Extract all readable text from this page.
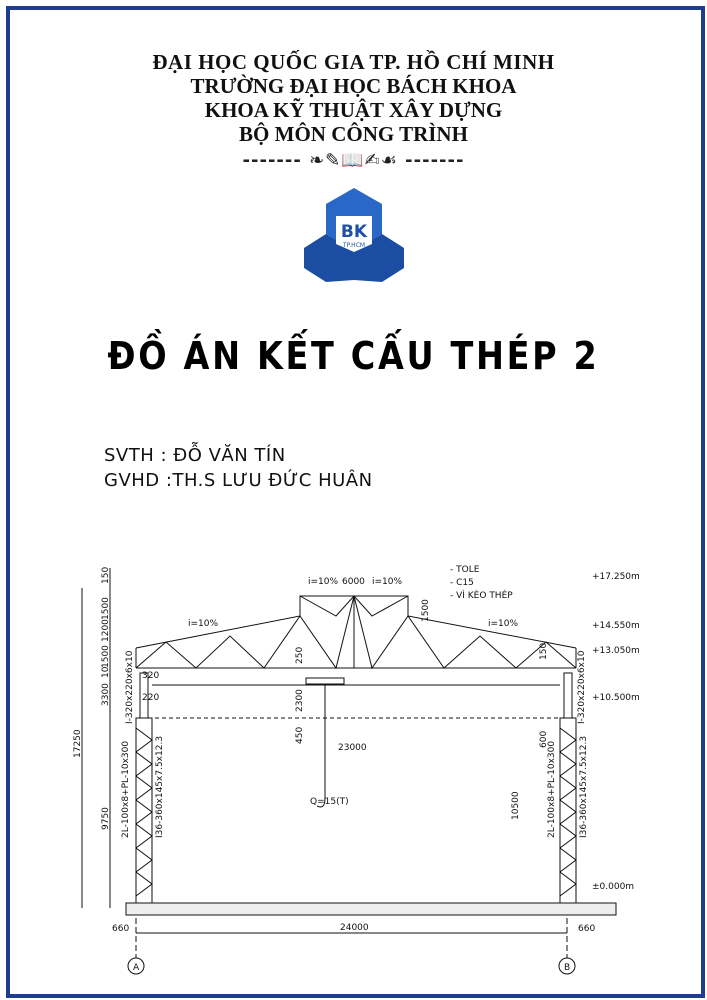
ĐẠI HỌC QUỐC GIA TP. HỒ CHÍ MINH
TRƯỜNG ĐẠI HỌC BÁCH KHOA
KHOA KỸ THUẬT XÂY DỰNG
BỘ MÔN CÔNG TRÌNH
------- ❧✎📖✍☙ -------
BK
TP.HCM
ĐỒ ÁN KẾT CẤU THÉP 2
SVTH : ĐỖ VĂN TÍN
GVHD :TH.S LƯU ĐỨC HUÂN
- TOLE
- C15
- VÌ KÈO THÉP
i=10%
i=10%	i=10%
i=10%
6000
23000
24000
Q=15(T)
660	660
A	B
+17.250m
+14.550m
+13.050m
+10.500m
±0.000m
2L-100x8+PL-10x300	I36-360x145x7.5x12.3	2L-100x8+PL-10x300 I36-360x145x7.5x12.3
I-320x220x6x10	I-320x220x6x10
150
1500
1200
1500
10
3300
9750
17250
320
220
250
2300
450
1500
150
600
10500
